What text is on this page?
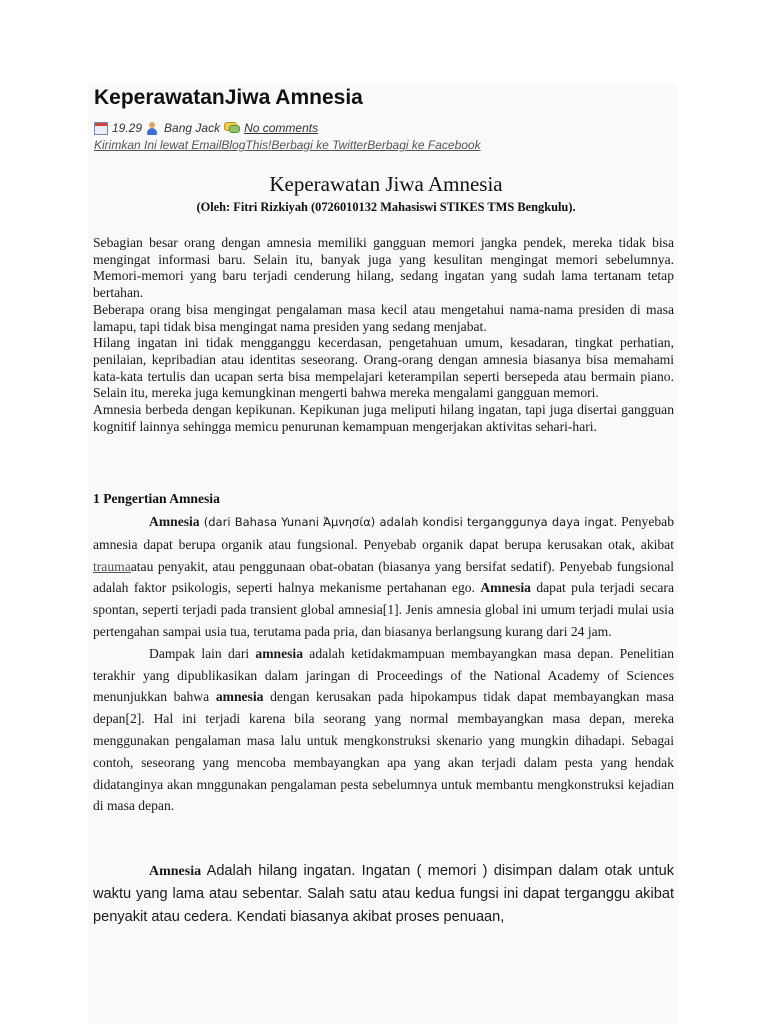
KeperawatanJiwa Amnesia
19.29 Bang Jack No comments
Kirimkan Ini lewat EmailBlogThis!Berbagi ke TwitterBerbagi ke Facebook
Keperawatan Jiwa Amnesia
(Oleh: Fitri Rizkiyah (0726010132 Mahasiswi STIKES TMS Bengkulu).

Sebagian besar orang dengan amnesia memiliki gangguan memori jangka pendek, mereka tidak bisa mengingat informasi baru. Selain itu, banyak juga yang kesulitan mengingat memori sebelumnya. Memori-memori yang baru terjadi cenderung hilang, sedang ingatan yang sudah lama tertanam tetap bertahan.

Beberapa orang bisa mengingat pengalaman masa kecil atau mengetahui nama-nama presiden di masa lamapu, tapi tidak bisa mengingat nama presiden yang sedang menjabat.

Hilang ingatan ini tidak mengganggu kecerdasan, pengetahuan umum, kesadaran, tingkat perhatian, penilaian, kepribadian atau identitas seseorang. Orang-orang dengan amnesia biasanya bisa memahami kata-kata tertulis dan ucapan serta bisa mempelajari keterampilan seperti bersepeda atau bermain piano. Selain itu, mereka juga kemungkinan mengerti bahwa mereka mengalami gangguan memori.

Amnesia berbeda dengan kepikunan. Kepikunan juga meliputi hilang ingatan, tapi juga disertai gangguan kognitif lainnya sehingga memicu penurunan kemampuan mengerjakan aktivitas sehari-hari.

1 Pengertian Amnesia

Amnesia (dari Bahasa Yunani Ἀμνησία) adalah kondisi terganggunya daya ingat. Penyebab amnesia dapat berupa organik atau fungsional. Penyebab organik dapat berupa kerusakan otak, akibat traumaatau penyakit, atau penggunaan obat-obatan (biasanya yang bersifat sedatif). Penyebab fungsional adalah faktor psikologis, seperti halnya mekanisme pertahanan ego. Amnesia dapat pula terjadi secara spontan, seperti terjadi pada transient global amnesia[1]. Jenis amnesia global ini umum terjadi mulai usia pertengahan sampai usia tua, terutama pada pria, dan biasanya berlangsung kurang dari 24 jam.

Dampak lain dari amnesia adalah ketidakmampuan membayangkan masa depan. Penelitian terakhir yang dipublikasikan dalam jaringan di Proceedings of the National Academy of Sciences menunjukkan bahwa amnesia dengan kerusakan pada hipokampus tidak dapat membayangkan masa depan[2]. Hal ini terjadi karena bila seorang yang normal membayangkan masa depan, mereka menggunakan pengalaman masa lalu untuk mengkonstruksi skenario yang mungkin dihadapi. Sebagai contoh, seseorang yang mencoba membayangkan apa yang akan terjadi dalam pesta yang hendak didatanginya akan mnggunakan pengalaman pesta sebelumnya untuk membantu mengkonstruksi kejadian di masa depan.

Amnesia Adalah hilang ingatan. Ingatan ( memori ) disimpan dalam otak untuk waktu yang lama atau sebentar. Salah satu atau kedua fungsi ini dapat terganggu akibat penyakit atau cedera. Kendati biasanya akibat proses penuaan,
